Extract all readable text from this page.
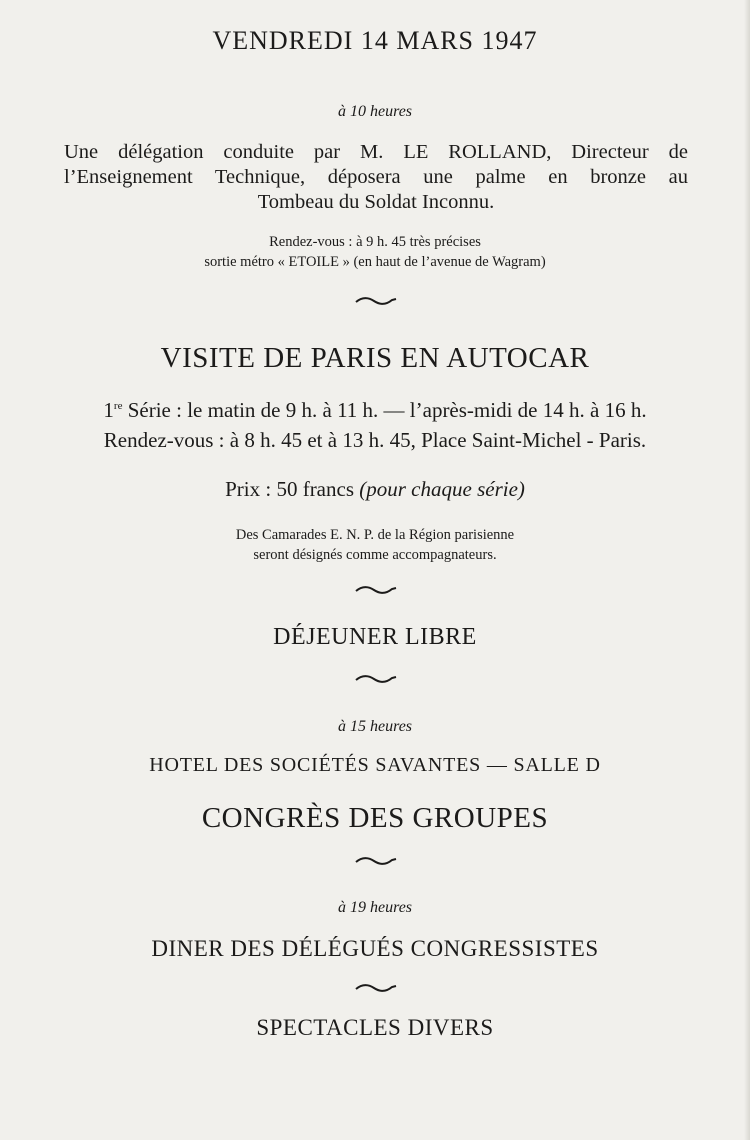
VENDREDI 14 MARS 1947
à 10 heures
Une délégation conduite par M. LE ROLLAND, Directeur de
l’Enseignement Technique, déposera une palme en bronze au
Tombeau du Soldat Inconnu.
Rendez-vous : à 9 h. 45 très précises
sortie métro « ETOILE » (en haut de l’avenue de Wagram)
VISITE DE PARIS EN AUTOCAR
1re Série : le matin de 9 h. à 11 h. — l’après-midi de 14 h. à 16 h.
Rendez-vous : à 8 h. 45 et à 13 h. 45, Place Saint-Michel - Paris.
Prix : 50 francs (pour chaque série)
Des Camarades E. N. P. de la Région parisienne
seront désignés comme accompagnateurs.
DÉJEUNER LIBRE
à 15 heures
HOTEL DES SOCIÉTÉS SAVANTES — SALLE D
CONGRÈS DES GROUPES
à 19 heures
DINER DES DÉLÉGUÉS CONGRESSISTES
SPECTACLES DIVERS
